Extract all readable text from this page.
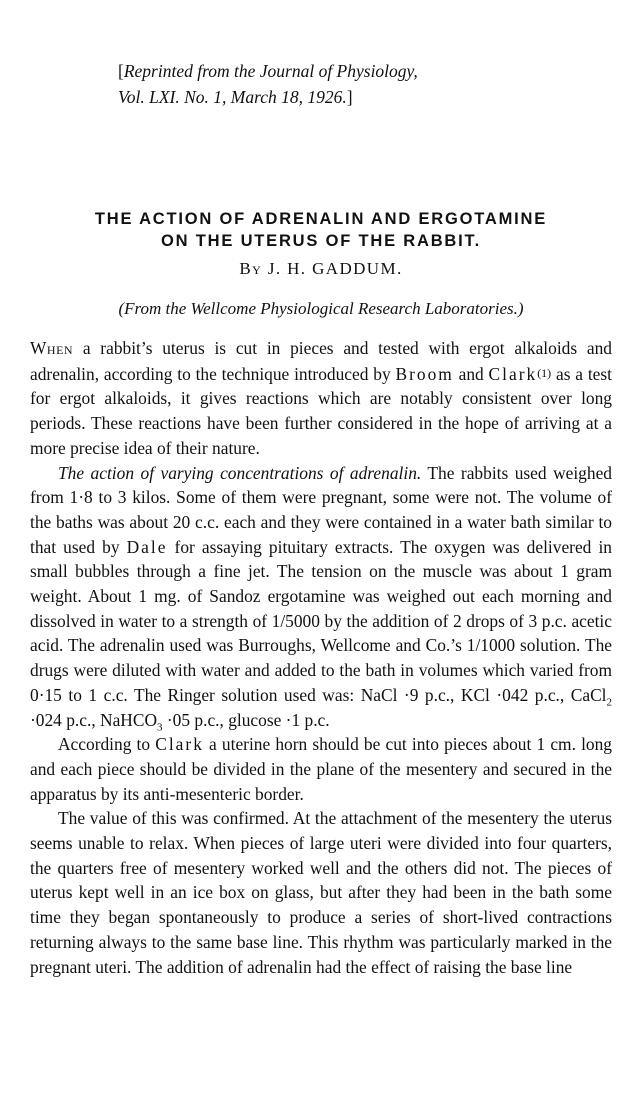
[Reprinted from the Journal of Physiology,
Vol. LXI. No. 1, March 18, 1926.]
THE ACTION OF ADRENALIN AND ERGOTAMINE
ON THE UTERUS OF THE RABBIT.
By J. H. GADDUM.
(From the Wellcome Physiological Research Laboratories.)

When a rabbit’s uterus is cut in pieces and tested with ergot alkaloids and adrenalin, according to the technique introduced by Broom and Clark(1) as a test for ergot alkaloids, it gives reactions which are notably consistent over long periods. These reactions have been further considered in the hope of arriving at a more precise idea of their nature.

The action of varying concentrations of adrenalin. The rabbits used weighed from 1·8 to 3 kilos. Some of them were pregnant, some were not. The volume of the baths was about 20 c.c. each and they were contained in a water bath similar to that used by Dale for assaying pituitary extracts. The oxygen was delivered in small bubbles through a fine jet. The tension on the muscle was about 1 gram weight. About 1 mg. of Sandoz ergotamine was weighed out each morning and dissolved in water to a strength of 1/5000 by the addition of 2 drops of 3 p.c. acetic acid. The adrenalin used was Burroughs, Wellcome and Co.’s 1/1000 solution. The drugs were diluted with water and added to the bath in volumes which varied from 0·15 to 1 c.c. The Ringer solution used was: NaCl ·9 p.c., KCl ·042 p.c., CaCl$_2$ ·024 p.c., NaHCO$_3$ ·05 p.c., glucose ·1 p.c.

According to Clark a uterine horn should be cut into pieces about 1 cm. long and each piece should be divided in the plane of the mesentery and secured in the apparatus by its anti-mesenteric border.

The value of this was confirmed. At the attachment of the mesentery the uterus seems unable to relax. When pieces of large uteri were divided into four quarters, the quarters free of mesentery worked well and the others did not. The pieces of uterus kept well in an ice box on glass, but after they had been in the bath some time they began spontaneously to produce a series of short-lived contractions returning always to the same base line. This rhythm was particularly marked in the pregnant uteri. The addition of adrenalin had the effect of raising the base line
